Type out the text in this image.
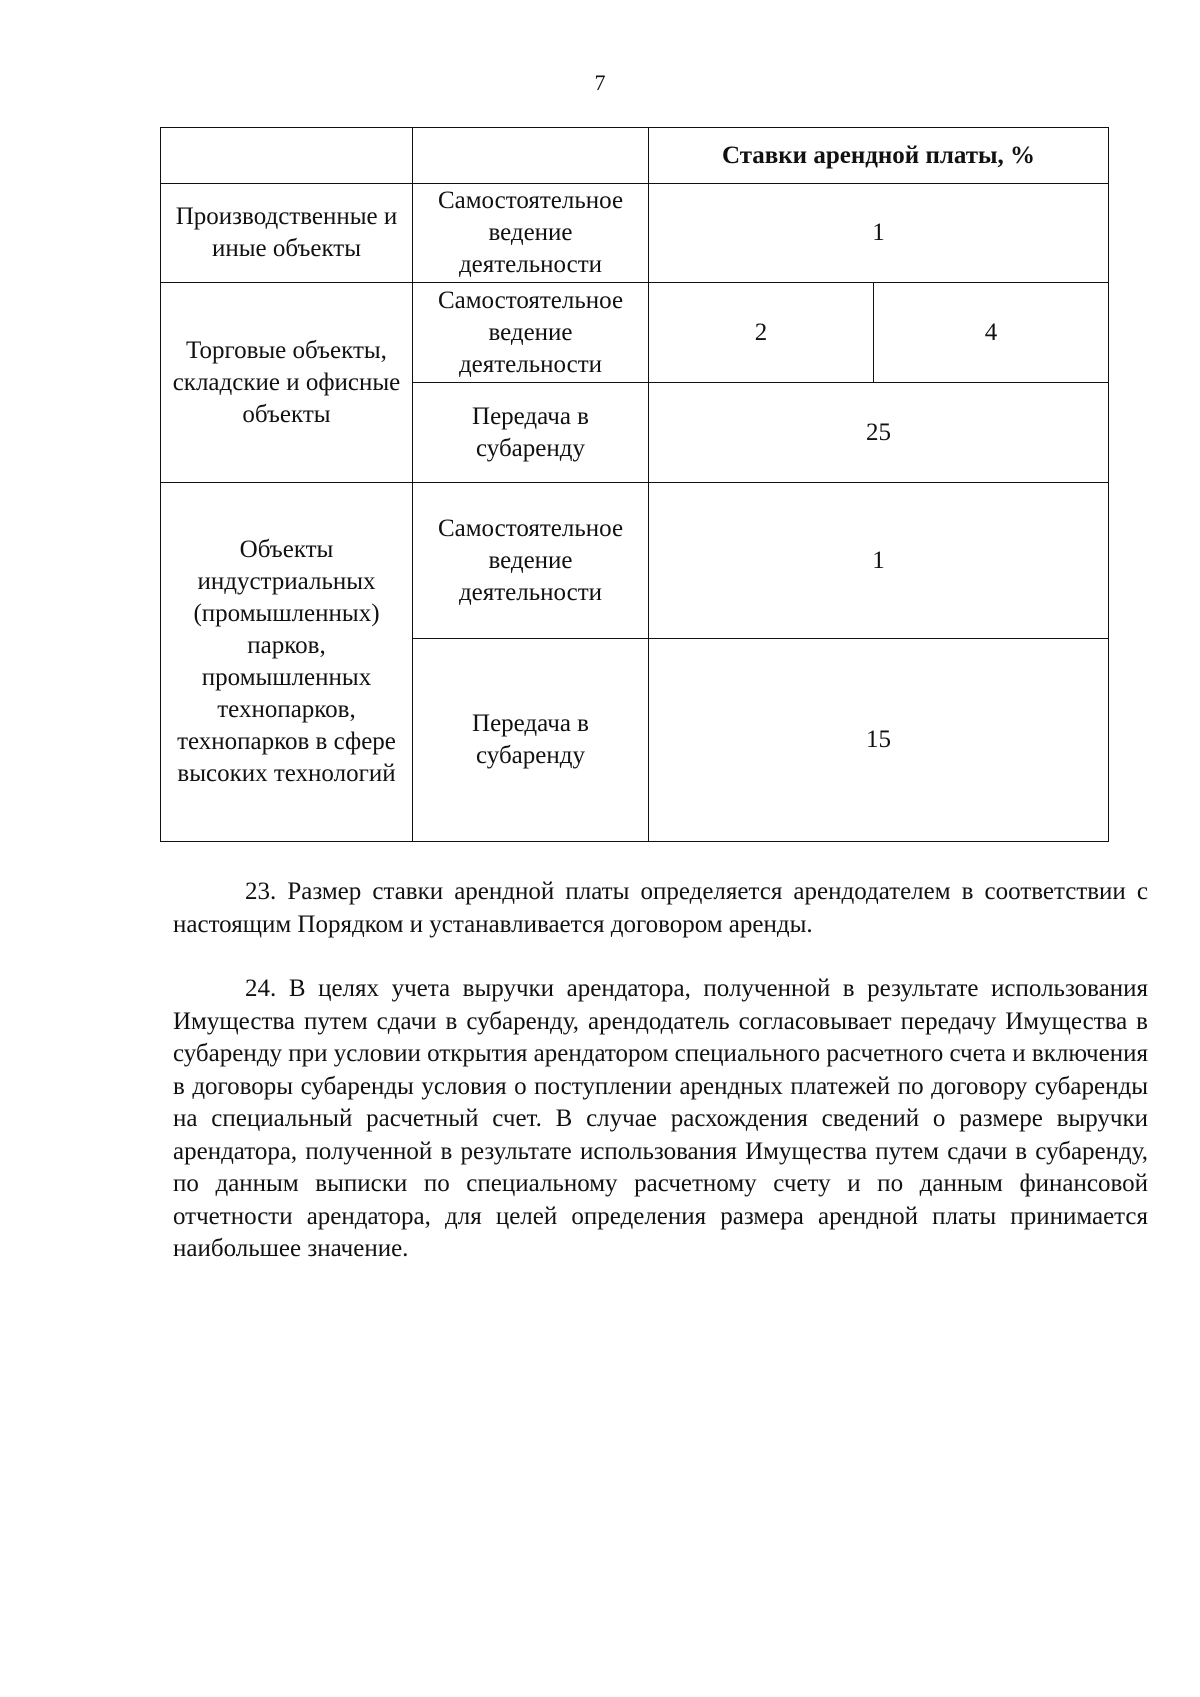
7
		Ставки арендной платы, %	
Производственные и иные объекты	Самостоятельное ведение деятельности	1	
Торговые объекты, складские и офисные объекты	Самостоятельное ведение деятельности	2	4
	Передача в субаренду	25	
Объекты индустриальных (промышленных) парков, промышленных технопарков, технопарков в сфере высоких технологий	Самостоятельное ведение деятельности	1	
	Передача в субаренду	15	

23. Размер ставки арендной платы определяется арендодателем в соответствии с настоящим Порядком и устанавливается договором аренды.

24. В целях учета выручки арендатора, полученной в результате использования Имущества путем сдачи в субаренду, арендодатель согласовывает передачу Имущества в субаренду при условии открытия арендатором специального расчетного счета и включения в договоры субаренды условия о поступлении арендных платежей по договору субаренды на специальный расчетный счет. В случае расхождения сведений о размере выручки арендатора, полученной в результате использования Имущества путем сдачи в субаренду, по данным выписки по специальному расчетному счету и по данным финансовой отчетности арендатора, для целей определения размера арендной платы принимается наибольшее значение.
